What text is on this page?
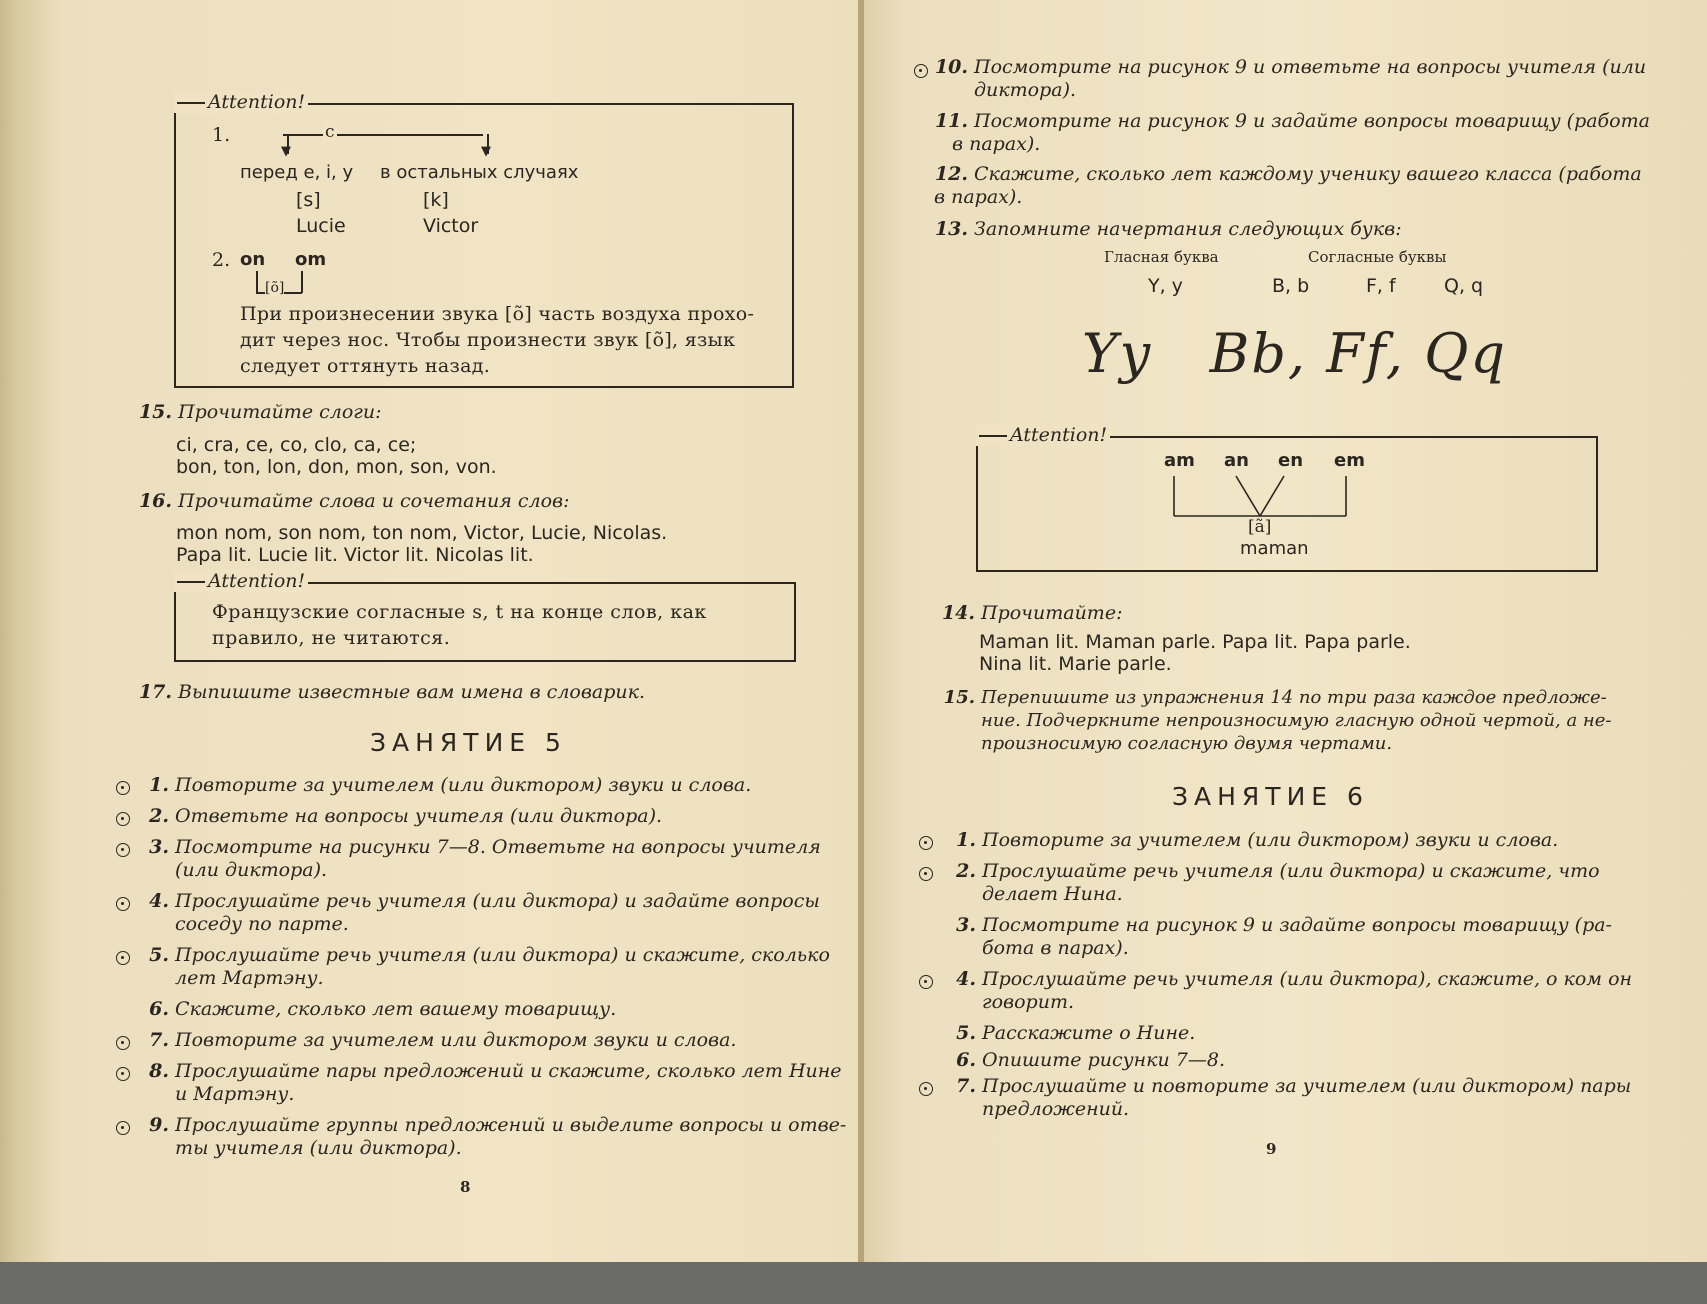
Attention!
1.	c
▼	▼
перед e, i, y в остальных случаях
[s]	[k]
Lucie	Victor
2. on om
[õ]
При произнесении звука [õ] часть воздуха прохо-
дит через нос. Чтобы произнести звук [õ], язык
следует оттянуть назад.
15. Прочитайте слоги:
ci, cra, ce, co, clo, ca, ce;
bon, ton, lon, don, mon, son, von.
16. Прочитайте слова и сочетания слов:
mon nom, son nom, ton nom, Victor, Lucie, Nicolas.
Papa lit. Lucie lit. Victor lit. Nicolas lit.
Attention!
Французские согласные s, t на конце слов, как
правило, не читаются.
17. Выпишите известные вам имена в словарик.
ЗАНЯТИЕ 5
1. Повторите за учителем (или диктором) звуки и слова.
2. Ответьте на вопросы учителя (или диктора).
3. Посмотрите на рисунки 7—8. Ответьте на вопросы учителя
(или диктора).
4. Прослушайте речь учителя (или диктора) и задайте вопросы
соседу по парте.
5. Прослушайте речь учителя (или диктора) и скажите, сколько
лет Мартэну.
6. Скажите, сколько лет вашему товарищу.
7. Повторите за учителем или диктором звуки и слова.
8. Прослушайте пары предложений и скажите, сколько лет Нине
и Мартэну.
9. Прослушайте группы предложений и выделите вопросы и отве-
ты учителя (или диктора).
8
10. Посмотрите на рисунок 9 и ответьте на вопросы учителя (или
диктора).
11. Посмотрите на рисунок 9 и задайте вопросы товарищу (работа
в парах).
12. Скажите, сколько лет каждому ученику вашего класса (работа
в парах).
13. Запомните начертания следующих букв:
Гласная буква	Согласные буквы
Y, y	B, b	F, f	Q, q
Yy   Bb, Ff, Qq
Attention!
am an en em
[ã]
maman
14. Прочитайте:
Maman lit. Maman parle. Papa lit. Papa parle.
Nina lit. Marie parle.
15. Перепишите из упражнения 14 по три раза каждое предложе-
ние. Подчеркните непроизносимую гласную одной чертой, а не-
произносимую согласную двумя чертами.
ЗАНЯТИЕ 6
1. Повторите за учителем (или диктором) звуки и слова.
2. Прослушайте речь учителя (или диктора) и скажите, что
делает Нина.
3. Посмотрите на рисунок 9 и задайте вопросы товарищу (ра-
бота в парах).
4. Прослушайте речь учителя (или диктора), скажите, о ком он
говорит.
5. Расскажите о Нине.
6. Опишите рисунки 7—8.
7. Прослушайте и повторите за учителем (или диктором) пары
предложений.
9
